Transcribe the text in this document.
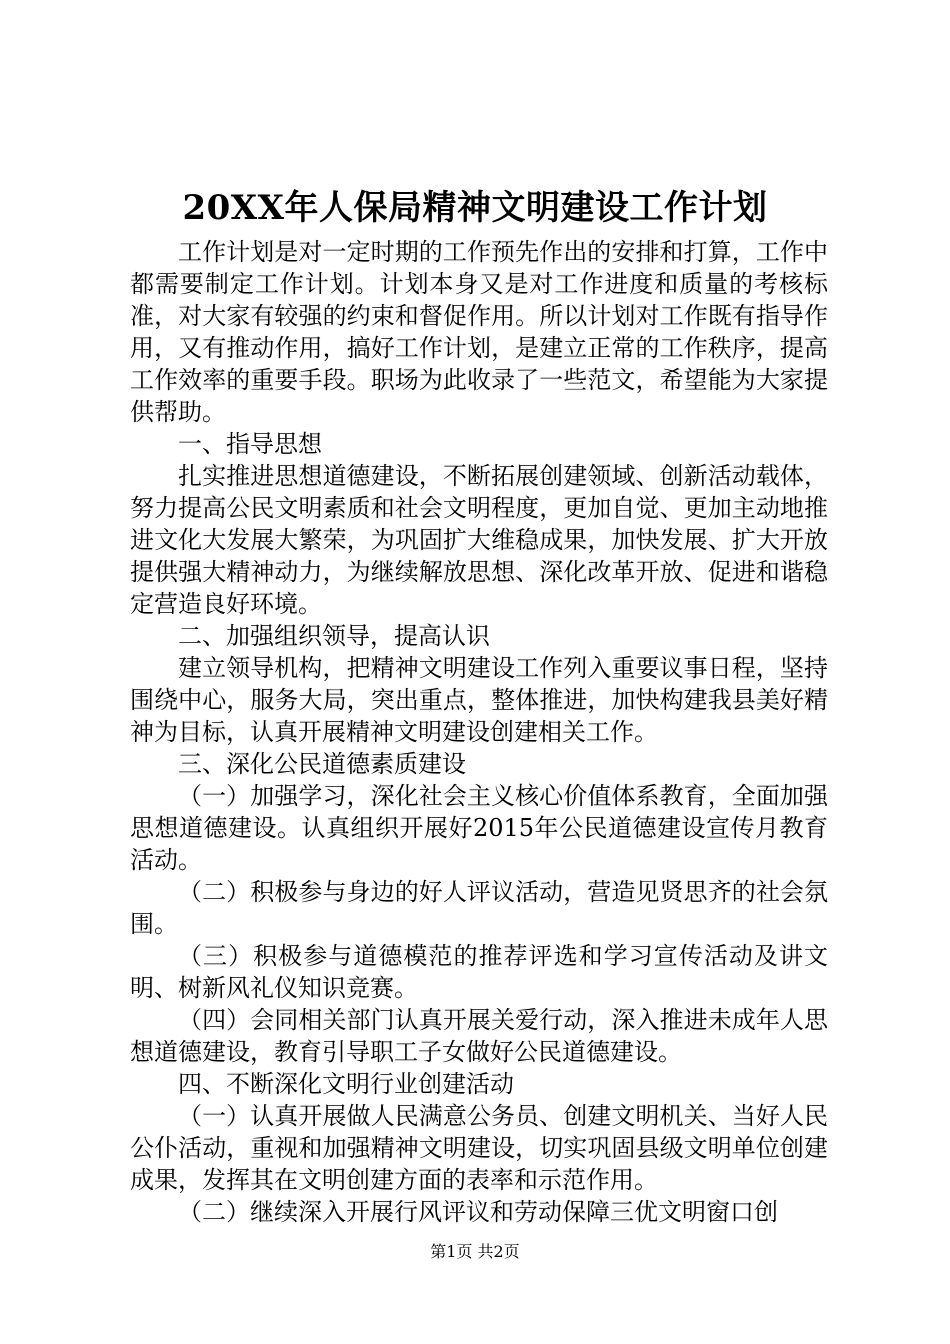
20XX年人保局精神文明建设工作计划

工作计划是对一定时期的工作预先作出的安排和打算，工作中都需要制定工作计划。计划本身又是对工作进度和质量的考核标准，对大家有较强的约束和督促作用。所以计划对工作既有指导作用，又有推动作用，搞好工作计划，是建立正常的工作秩序，提高工作效率的重要手段。职场为此收录了一些范文，希望能为大家提供帮助。

一、指导思想

扎实推进思想道德建设，不断拓展创建领域、创新活动载体，努力提高公民文明素质和社会文明程度，更加自觉、更加主动地推进文化大发展大繁荣，为巩固扩大维稳成果，加快发展、扩大开放提供强大精神动力，为继续解放思想、深化改革开放、促进和谐稳定营造良好环境。

二、加强组织领导，提高认识

建立领导机构，把精神文明建设工作列入重要议事日程，坚持围绕中心，服务大局，突出重点，整体推进，加快构建我县美好精神为目标，认真开展精神文明建设创建相关工作。

三、深化公民道德素质建设

（一）加强学习，深化社会主义核心价值体系教育，全面加强思想道德建设。认真组织开展好2015年公民道德建设宣传月教育活动。

（二）积极参与身边的好人评议活动，营造见贤思齐的社会氛围。

（三）积极参与道德模范的推荐评选和学习宣传活动及讲文明、树新风礼仪知识竞赛。

（四）会同相关部门认真开展关爱行动，深入推进未成年人思想道德建设，教育引导职工子女做好公民道德建设。

四、不断深化文明行业创建活动

（一）认真开展做人民满意公务员、创建文明机关、当好人民公仆活动，重视和加强精神文明建设，切实巩固县级文明单位创建成果，发挥其在文明创建方面的表率和示范作用。

（二）继续深入开展行风评议和劳动保障三优文明窗口创

第1页 共2页
